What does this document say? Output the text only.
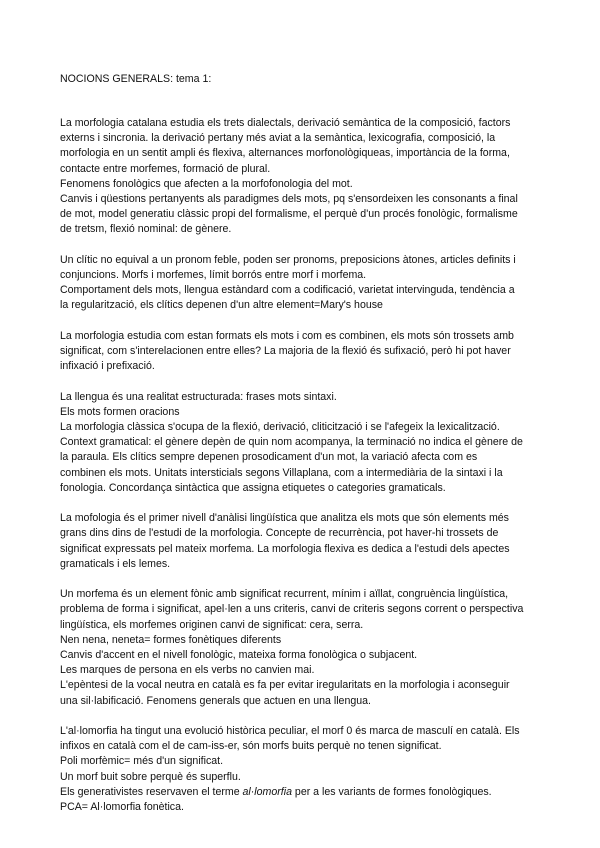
NOCIONS GENERALS: tema 1:
La morfologia catalana estudia els trets dialectals, derivació semàntica de la composició, factors
externs i sincronia. la derivació pertany més aviat a la semàntica, lexicografia, composició, la
morfologia en un sentit ampli és flexiva, alternances morfonològiqueas, importància de la forma,
contacte entre morfemes, formació de plural.
Fenomens fonològics que afecten a la morfofonologia del mot.
Canvis i qüestions pertanyents als paradigmes dels mots, pq s'ensordeixen les consonants a final
de mot, model generatiu clàssic propi del formalisme, el perquè d'un procés fonològic, formalisme
de tretsm, flexió nominal: de gènere.
Un clític no equival a un pronom feble, poden ser pronoms, preposicions àtones, articles definits i
conjuncions. Morfs i morfemes, límit borrós entre morf i morfema.
Comportament dels mots, llengua estàndard com a codificació, varietat intervinguda, tendència a
la regularització, els clítics depenen d'un altre element=Mary's house
La morfologia estudia com estan formats els mots i com es combinen, els mots són trossets amb
significat, com s'interelacionen entre elles? La majoria de la flexió és sufixació, però hi pot haver
infixació i prefixació.
La llengua és una realitat estructurada: frases mots sintaxi.
Els mots formen oracions
La morfologia clàssica s'ocupa de la flexió, derivació, cliticització i se l'afegeix la lexicalització.
Context gramatical: el gènere depèn de quin nom acompanya, la terminació no indica el gènere de
la paraula. Els clítics sempre depenen prosodicament d'un mot, la variació afecta com es
combinen els mots. Unitats intersticials segons Villaplana, com a intermediària de la sintaxi i la
fonologia. Concordança sintàctica que assigna etiquetes o categories gramaticals.
La mofologia és el primer nivell d'anàlisi lingüística que analitza els mots que són elements més
grans dins dins de l'estudi de la morfologia. Concepte de recurrència, pot haver-hi trossets de
significat expressats pel mateix morfema. La morfologia flexiva es dedica a l'estudi dels apectes
gramaticals i els lemes.
Un morfema és un element fònic amb significat recurrent, mínim i aïllat, congruència lingüística,
problema de forma i significat, apel·len a uns criteris, canvi de criteris segons corrent o perspectiva
lingüística, els morfemes originen canvi de significat: cera, serra.
Nen nena, neneta= formes fonètiques diferents
Canvis d'accent en el nivell fonològic, mateixa forma fonològica o subjacent.
Les marques de persona en els verbs no canvien mai.
L'epèntesi de la vocal neutra en català es fa per evitar iregularitats en la morfologia i aconseguir
una sil·labificació. Fenomens generals que actuen en una llengua.
L'al·lomorfia ha tingut una evolució històrica peculiar, el morf 0 és marca de masculí en català. Els
infixos en català com el de cam-iss-er, són morfs buits perquè no tenen significat.
Poli morfèmic= més d'un significat.
Un morf buit sobre perquè és superflu.
Els generativistes reservaven el terme al·lomorfia per a les variants de formes fonològiques.
PCA= Al·lomorfia fonètica.
